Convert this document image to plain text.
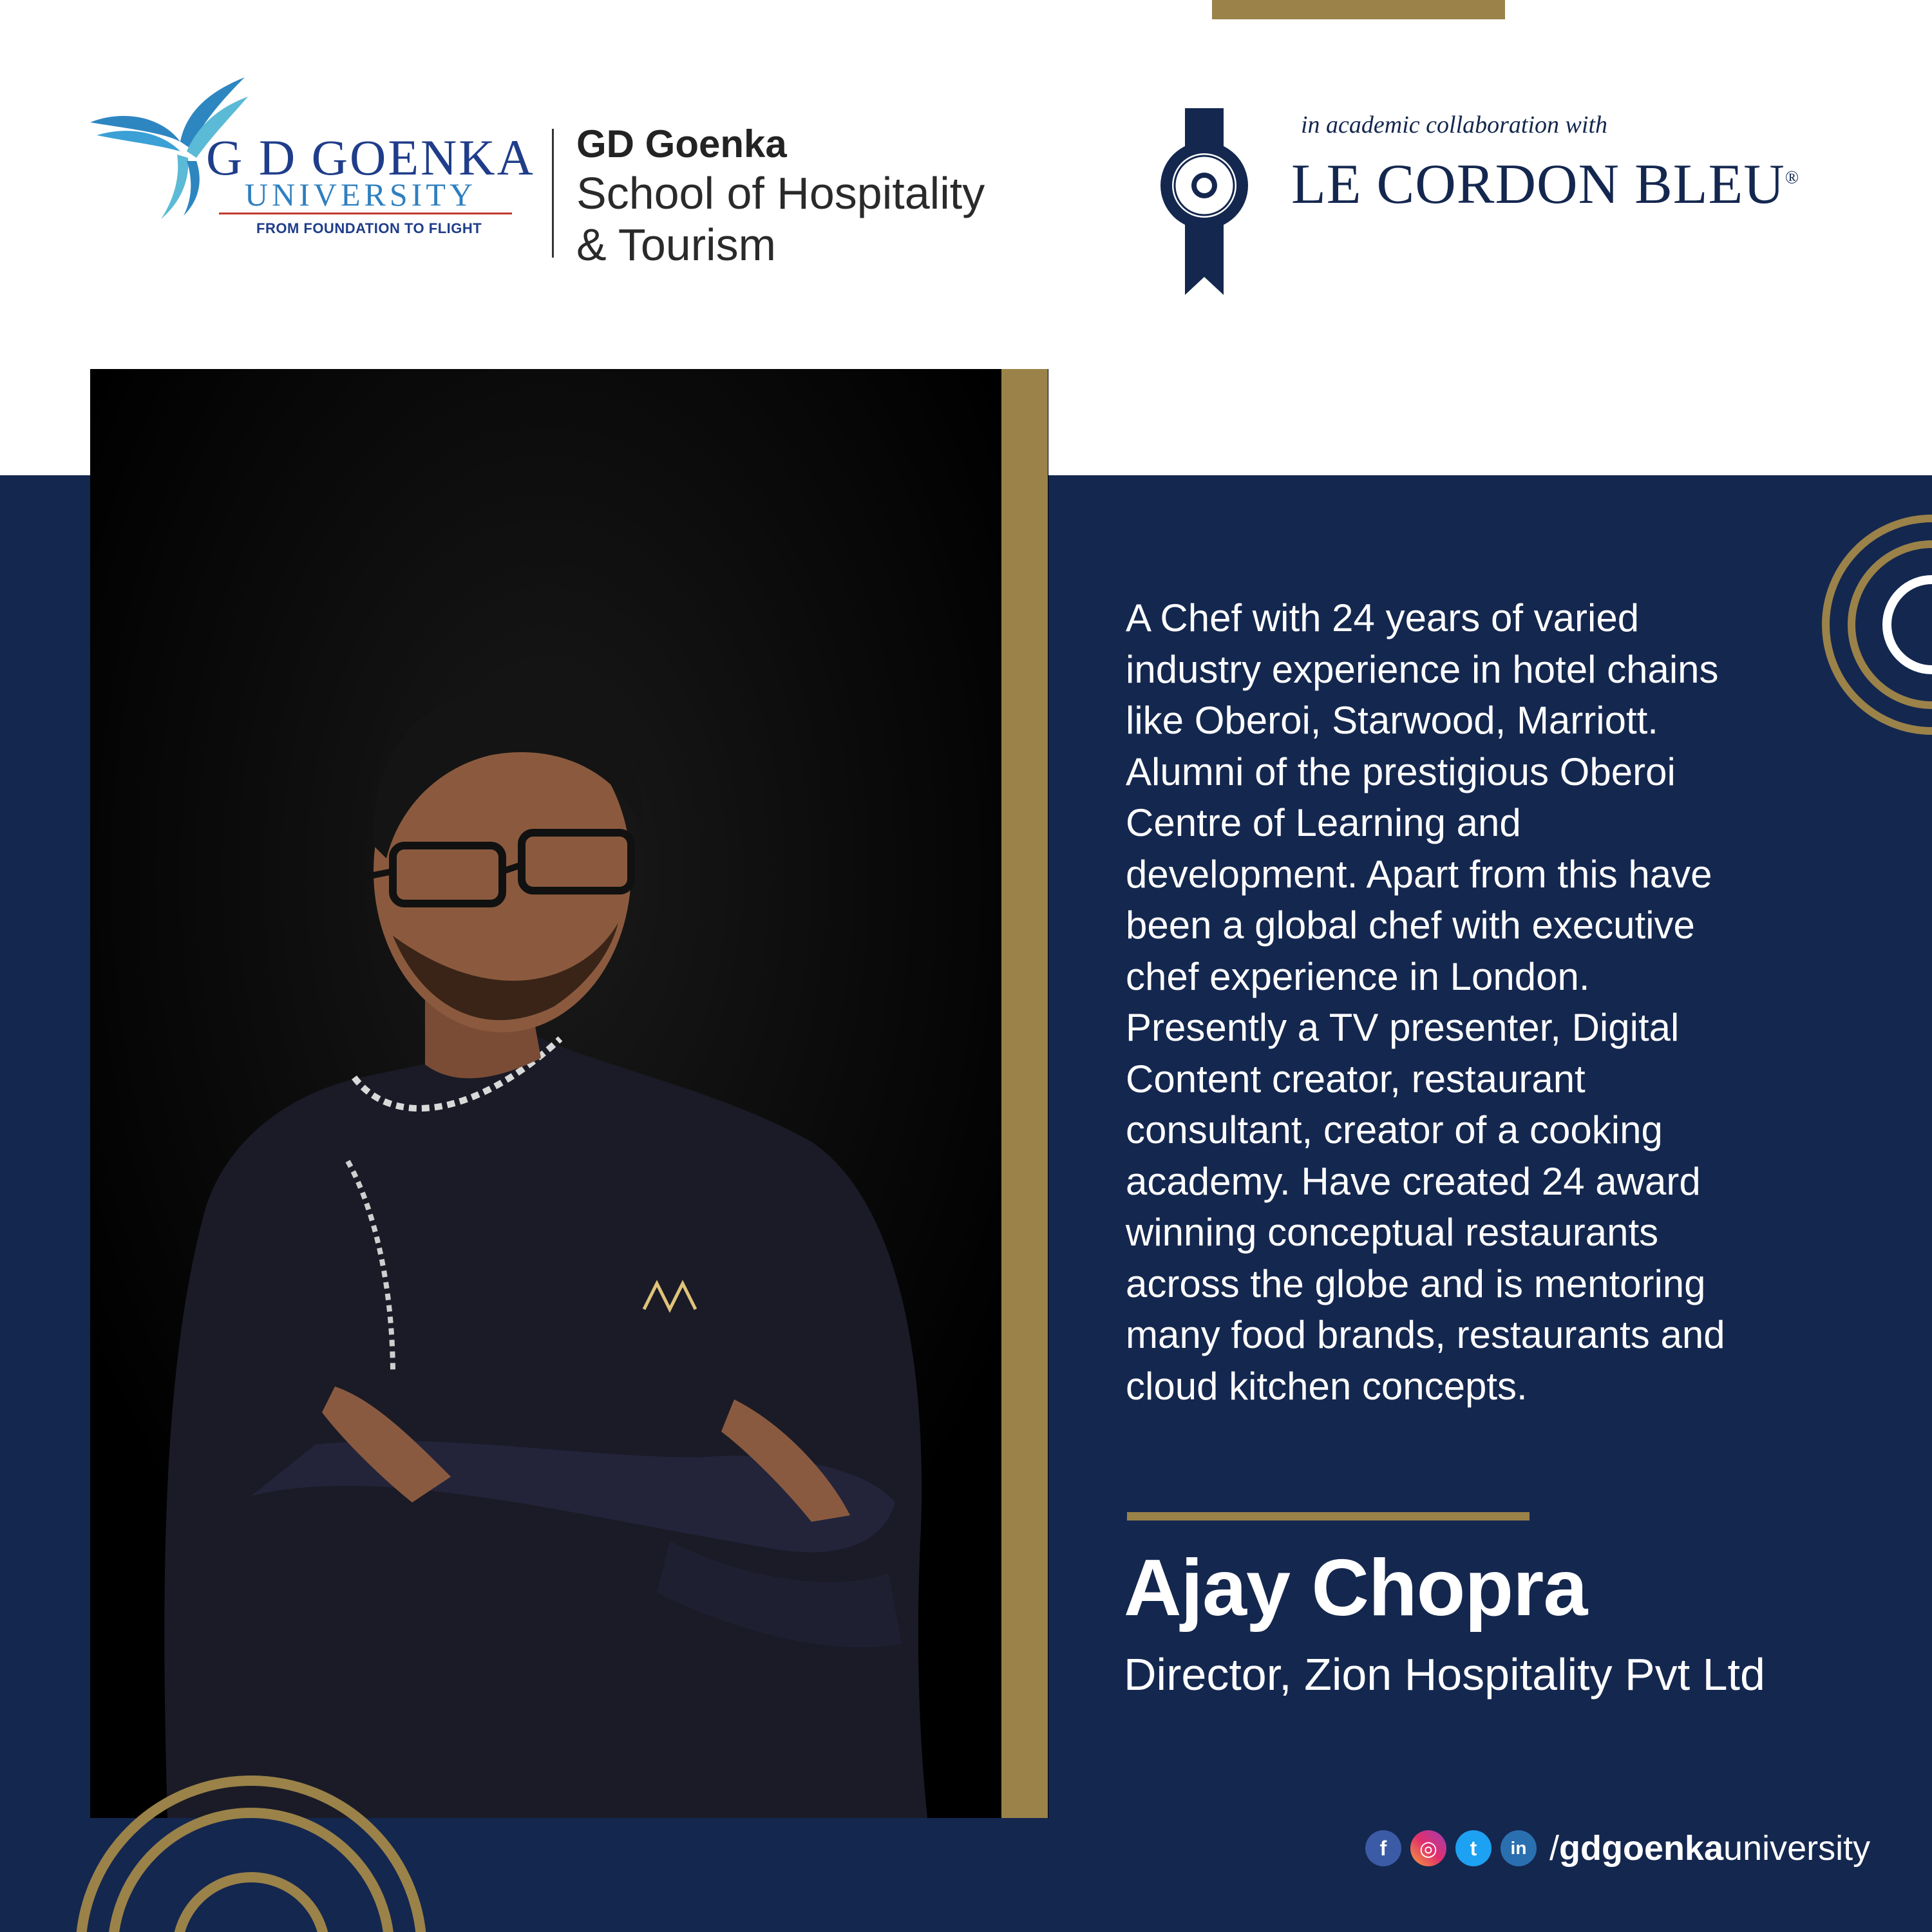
G D GOENKA
UNIVERSITY
FROM FOUNDATION TO FLIGHT
GD Goenka
School of Hospitality
& Tourism
in academic collaboration with
LE CORDON BLEU®
A Chef with 24 years of varied
industry experience in hotel chains
like Oberoi, Starwood, Marriott.
Alumni of the prestigious Oberoi
Centre of Learning and
development. Apart from this have
been a global chef with executive
chef experience in London.
Presently a TV presenter, Digital
Content creator, restaurant
consultant, creator of a cooking
academy. Have created 24 award
winning conceptual restaurants
across the globe and is mentoring
many food brands, restaurants and
cloud kitchen concepts.
Ajay Chopra
Director, Zion Hospitality Pvt Ltd
f	◎	t	in /gdgoenkauniversity
